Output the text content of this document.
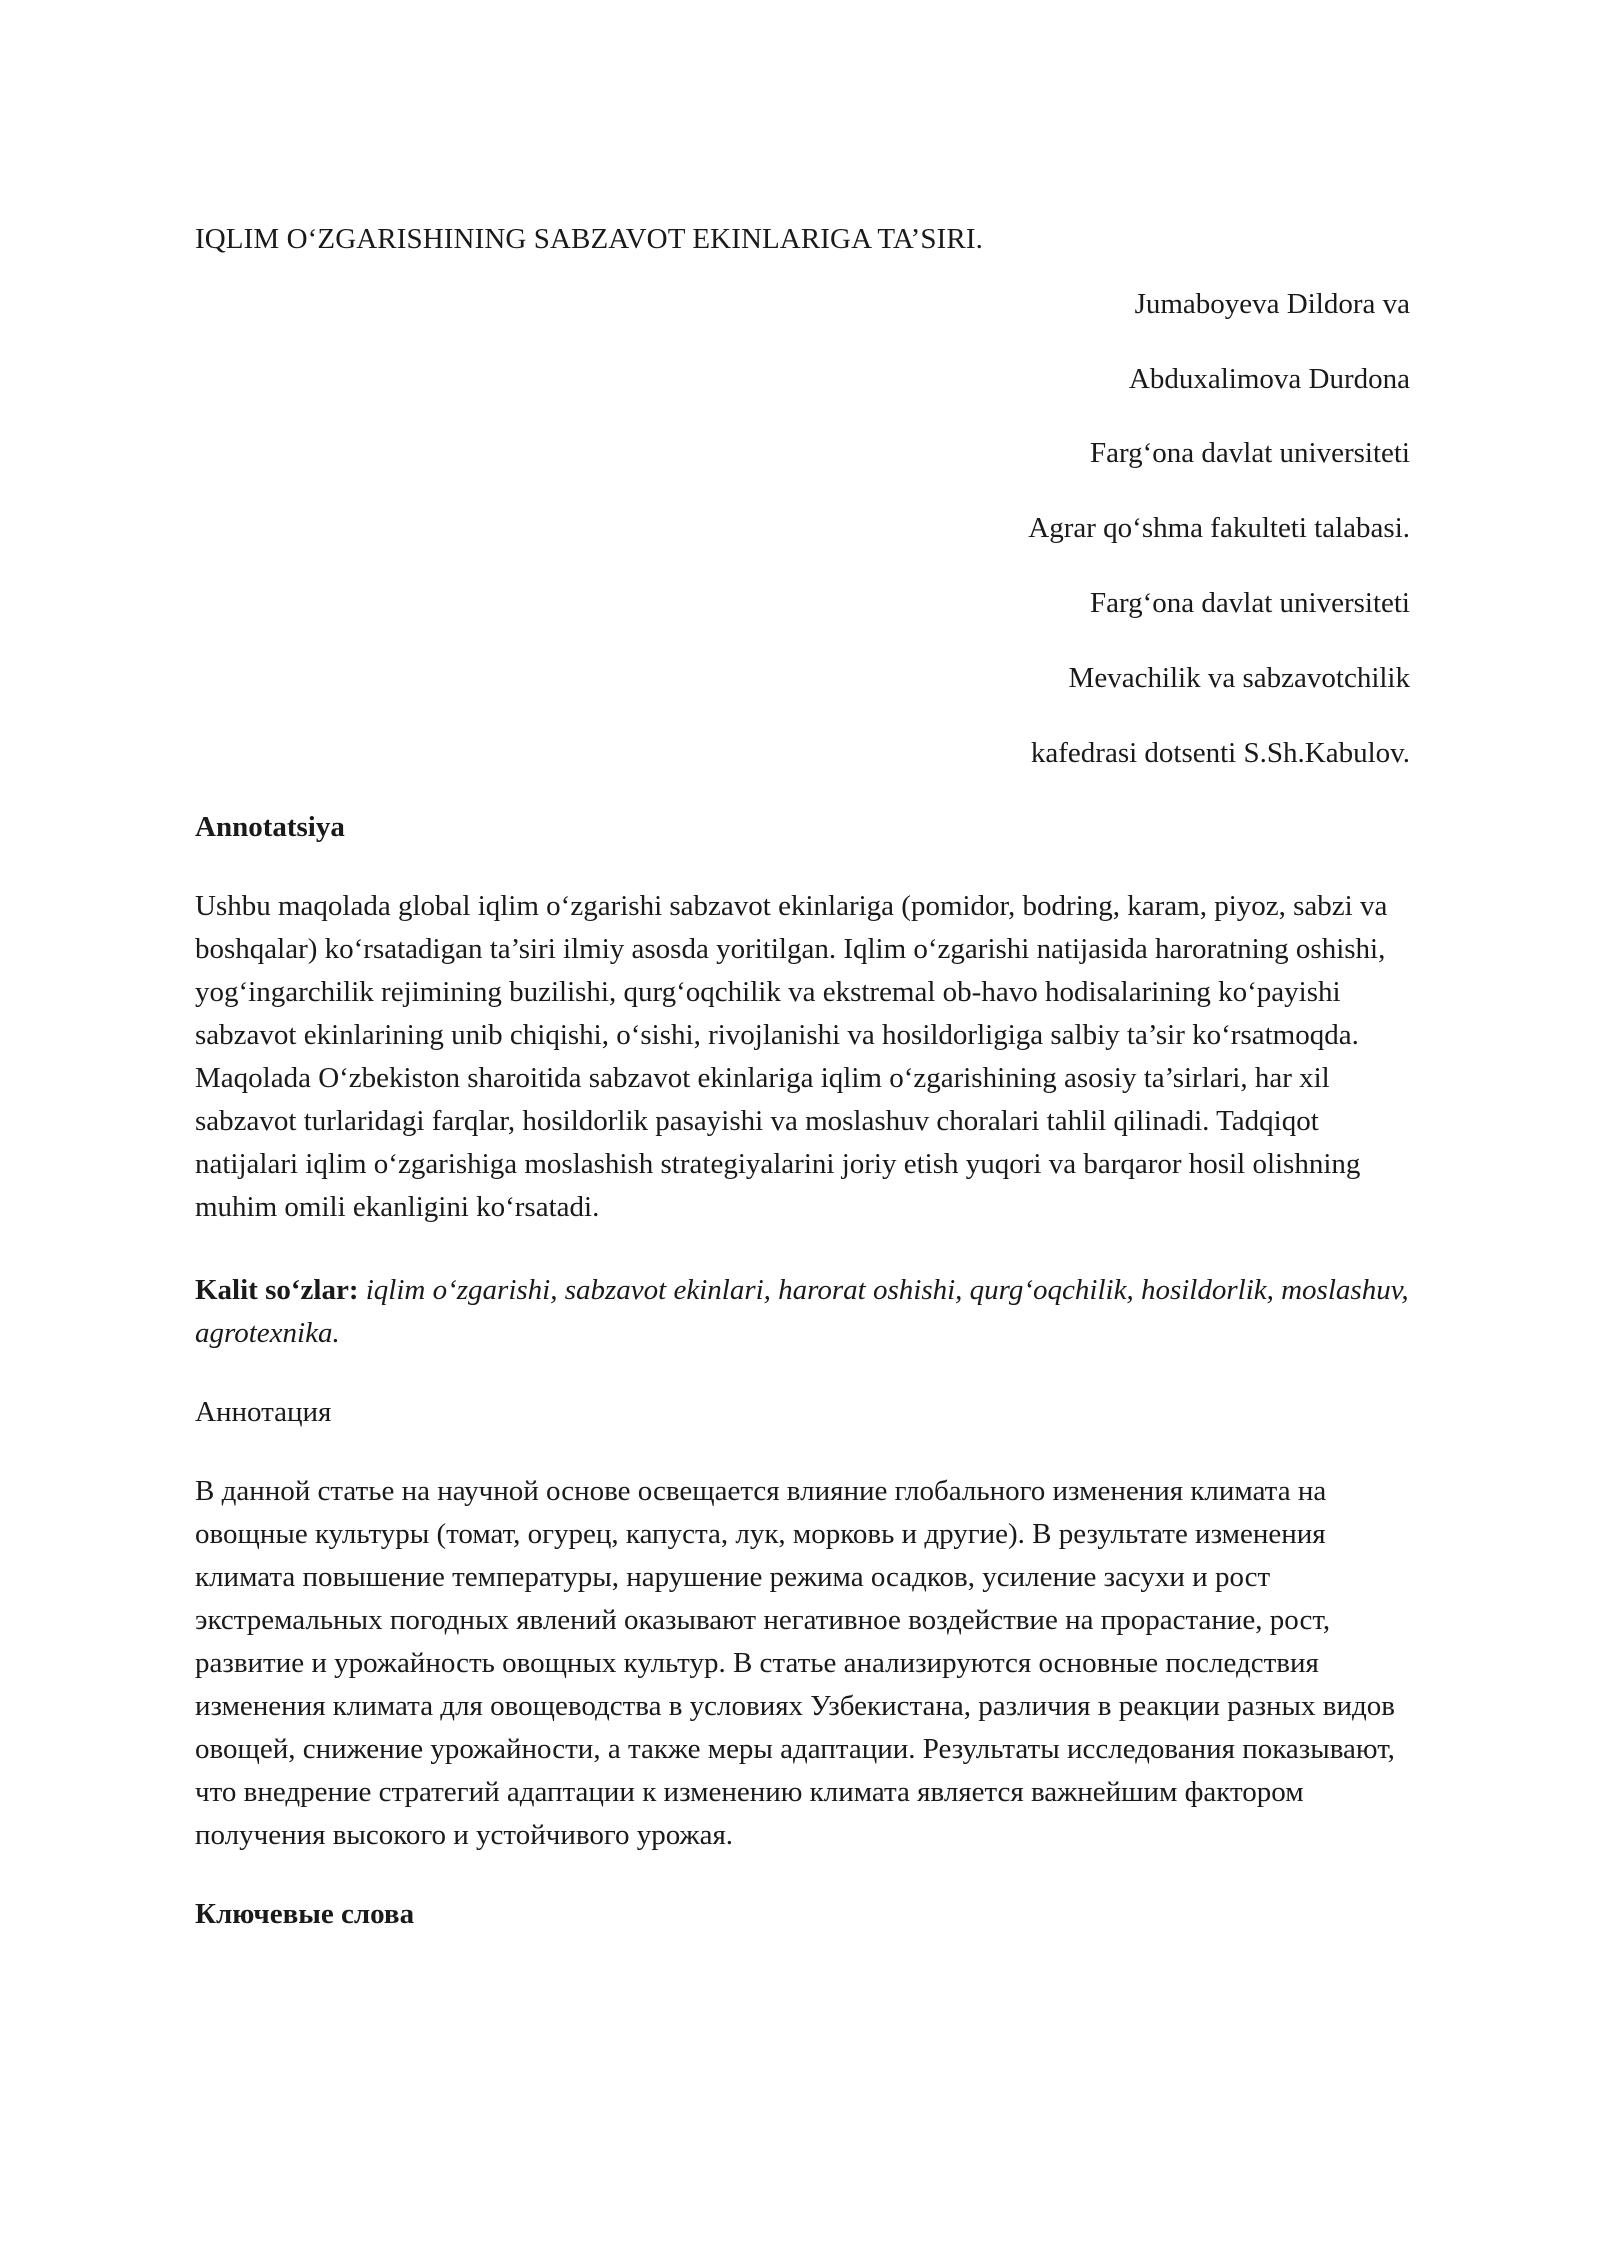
IQLIM O‘ZGARISHINING SABZAVOT EKINLARIGA TA’SIRI.
Jumaboyeva Dildora va
Abduxalimova Durdona
Farg‘ona davlat universiteti
Agrar qo‘shma fakulteti talabasi.
Farg‘ona davlat universiteti
Mevachilik va sabzavotchilik
kafedrasi dotsenti S.Sh.Kabulov.
Annotatsiya

Ushbu maqolada global iqlim o‘zgarishi sabzavot ekinlariga (pomidor, bodring, karam, piyoz, sabzi va boshqalar) ko‘rsatadigan ta’siri ilmiy asosda yoritilgan. Iqlim o‘zgarishi natijasida haroratning oshishi, yog‘ingarchilik rejimining buzilishi, qurg‘oqchilik va ekstremal ob-havo hodisalarining ko‘payishi sabzavot ekinlarining unib chiqishi, o‘sishi, rivojlanishi va hosildorligiga salbiy ta’sir ko‘rsatmoqda. Maqolada O‘zbekiston sharoitida sabzavot ekinlariga iqlim o‘zgarishining asosiy ta’sirlari, har xil sabzavot turlaridagi farqlar, hosildorlik pasayishi va moslashuv choralari tahlil qilinadi. Tadqiqot natijalari iqlim o‘zgarishiga moslashish strategiyalarini joriy etish yuqori va barqaror hosil olishning muhim omili ekanligini ko‘rsatadi.

Kalit so‘zlar: iqlim o‘zgarishi, sabzavot ekinlari, harorat oshishi, qurg‘oqchilik, hosildorlik, moslashuv, agrotexnika.

Аннотация

В данной статье на научной основе освещается влияние глобального изменения климата на овощные культуры (томат, огурец, капуста, лук, морковь и другие). В результате изменения климата повышение температуры, нарушение режима осадков, усиление засухи и рост экстремальных погодных явлений оказывают негативное воздействие на прорастание, рост, развитие и урожайность овощных культур. В статье анализируются основные последствия изменения климата для овощеводства в условиях Узбекистана, различия в реакции разных видов овощей, снижение урожайности, а также меры адаптации. Результаты исследования показывают, что внедрение стратегий адаптации к изменению климата является важнейшим фактором получения высокого и устойчивого урожая.

Ключевые слова
